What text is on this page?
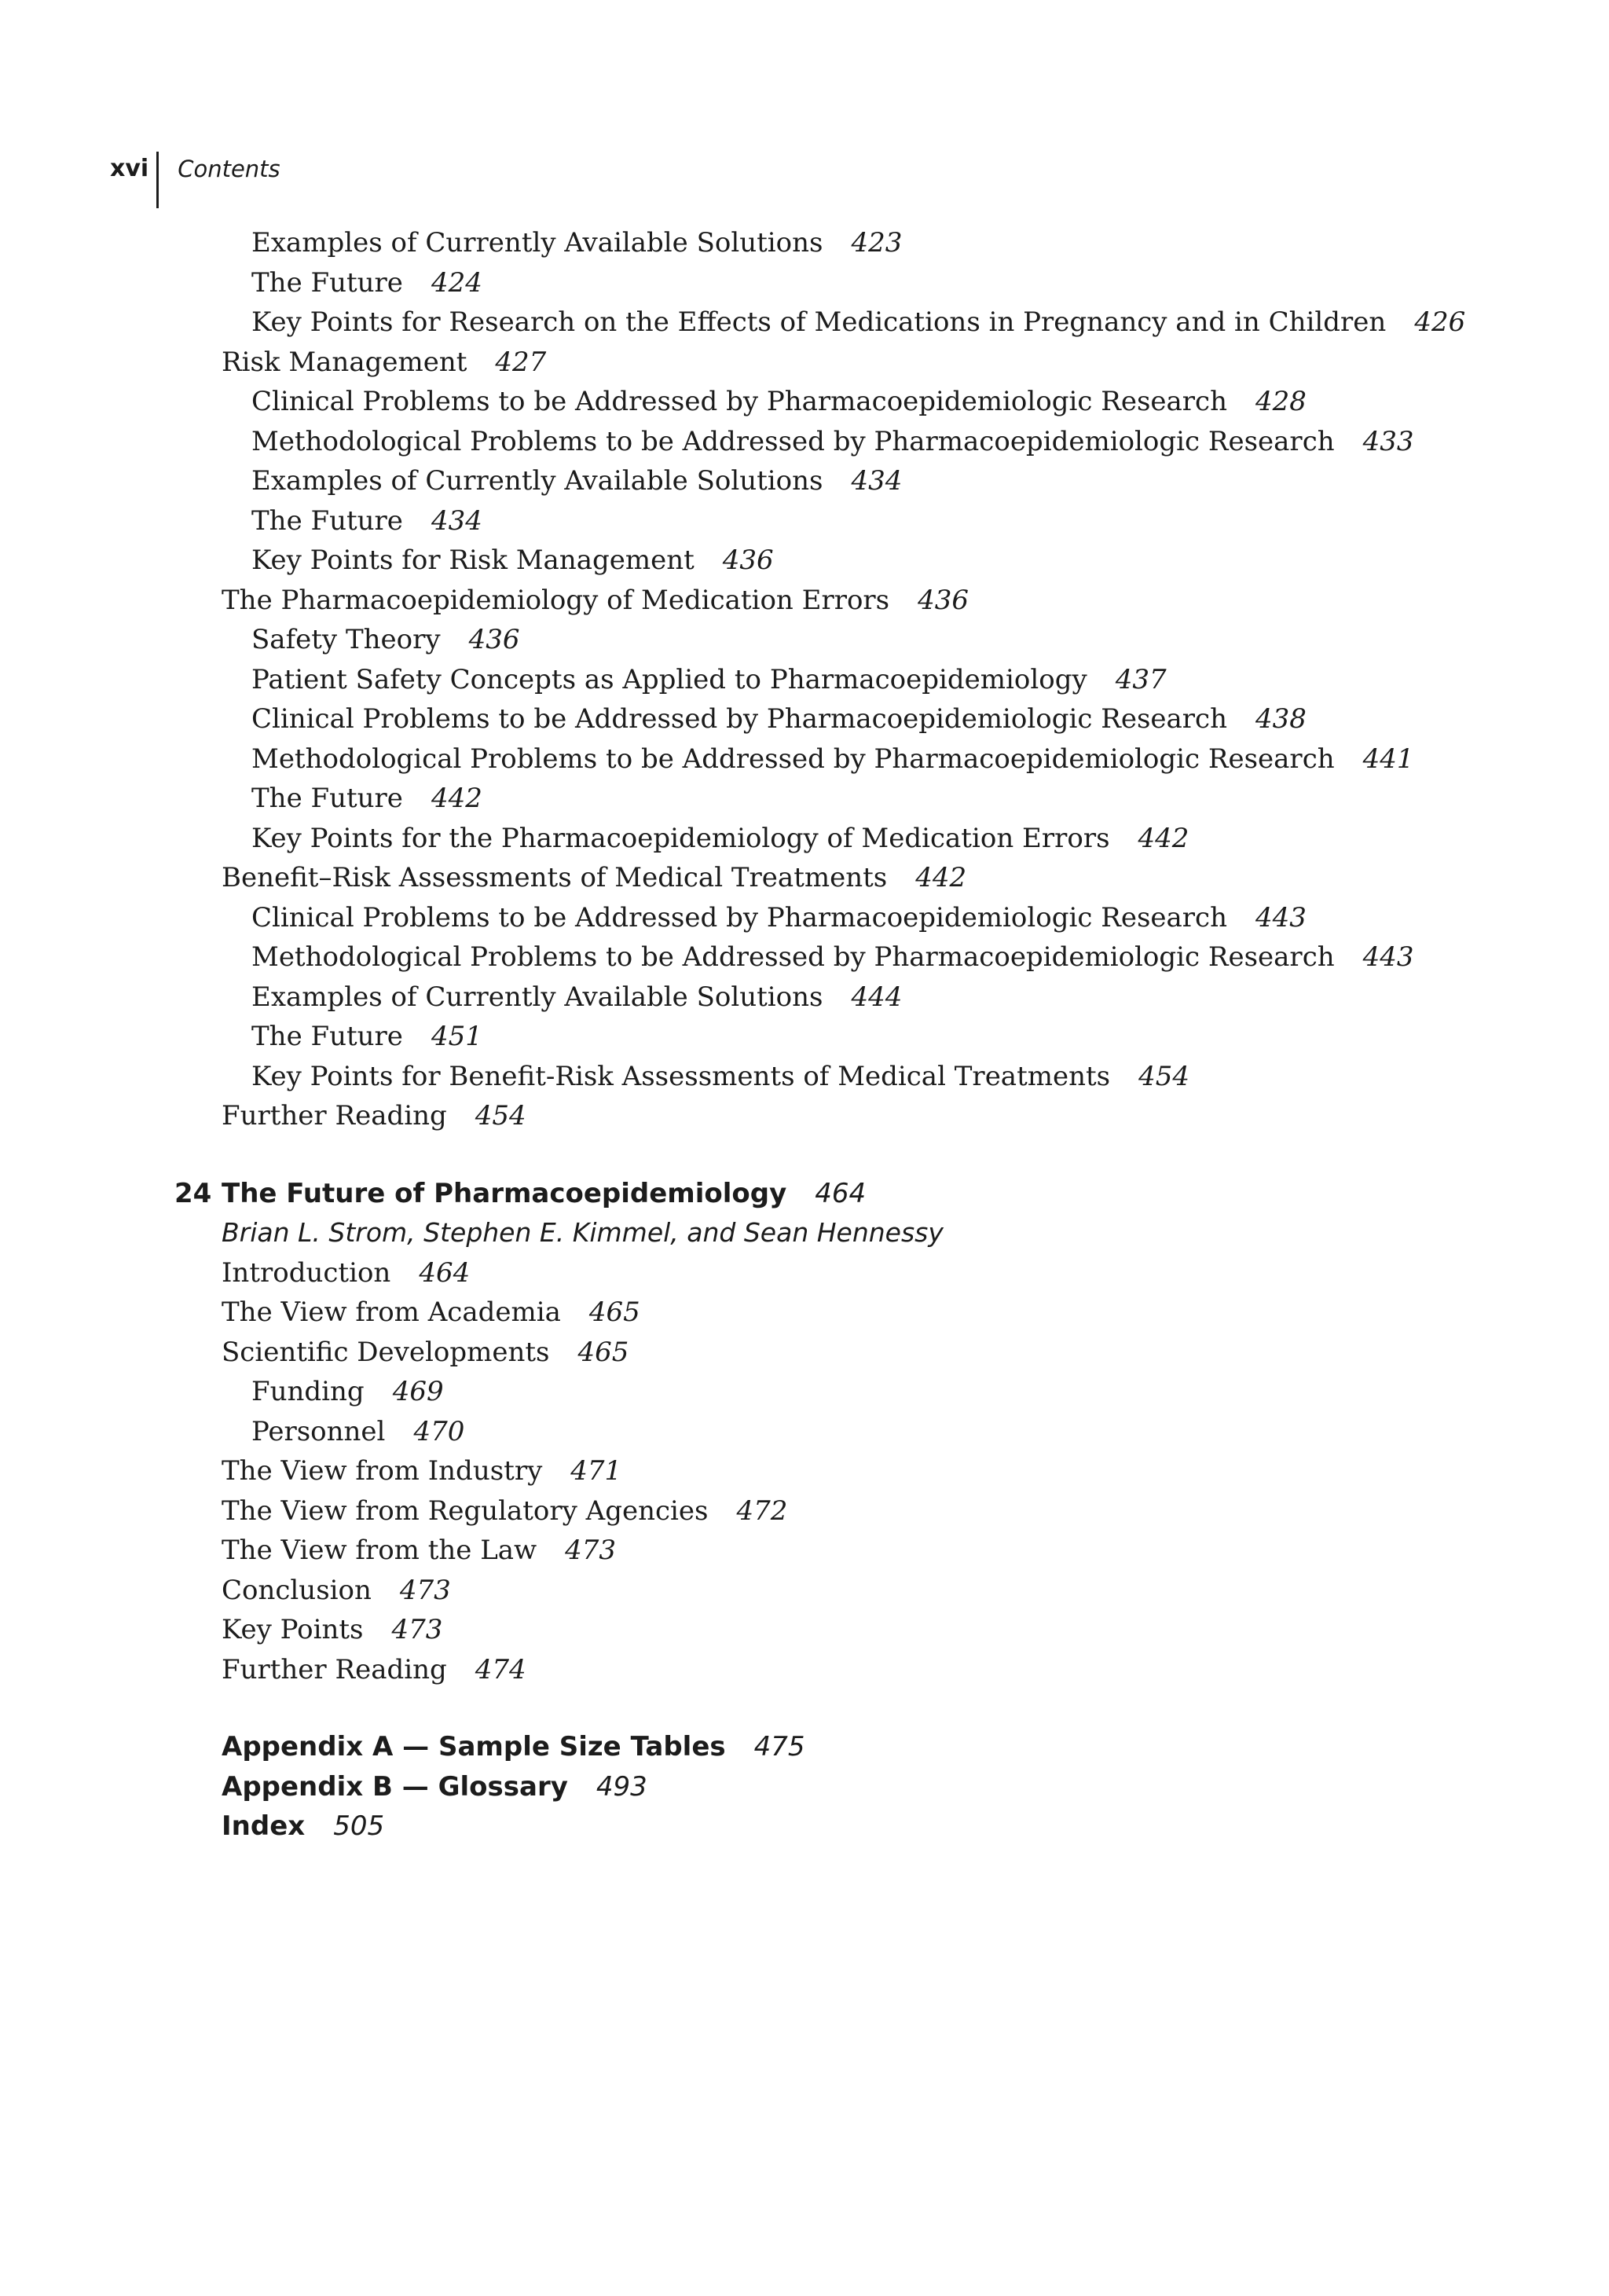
xvi	Contents
Examples of Currently Available Solutions 423
The Future 424
Key Points for Research on the Effects of Medications in Pregnancy and in Children 426
Risk Management 427
Clinical Problems to be Addressed by Pharmacoepidemiologic Research 428
Methodological Problems to be Addressed by Pharmacoepidemiologic Research 433
Examples of Currently Available Solutions 434
The Future 434
Key Points for Risk Management 436
The Pharmacoepidemiology of Medication Errors 436
Safety Theory 436
Patient Safety Concepts as Applied to Pharmacoepidemiology 437
Clinical Problems to be Addressed by Pharmacoepidemiologic Research 438
Methodological Problems to be Addressed by Pharmacoepidemiologic Research 441
The Future 442
Key Points for the Pharmacoepidemiology of Medication Errors 442
Benefit–Risk Assessments of Medical Treatments 442
Clinical Problems to be Addressed by Pharmacoepidemiologic Research 443
Methodological Problems to be Addressed by Pharmacoepidemiologic Research 443
Examples of Currently Available Solutions 444
The Future 451
Key Points for Benefit-Risk Assessments of Medical Treatments 454
Further Reading 454
24 The Future of Pharmacoepidemiology 464
Brian L. Strom, Stephen E. Kimmel, and Sean Hennessy
Introduction 464
The View from Academia 465
Scientific Developments 465
Funding 469
Personnel 470
The View from Industry 471
The View from Regulatory Agencies 472
The View from the Law 473
Conclusion 473
Key Points 473
Further Reading 474
Appendix A — Sample Size Tables 475
Appendix B — Glossary 493
Index 505
